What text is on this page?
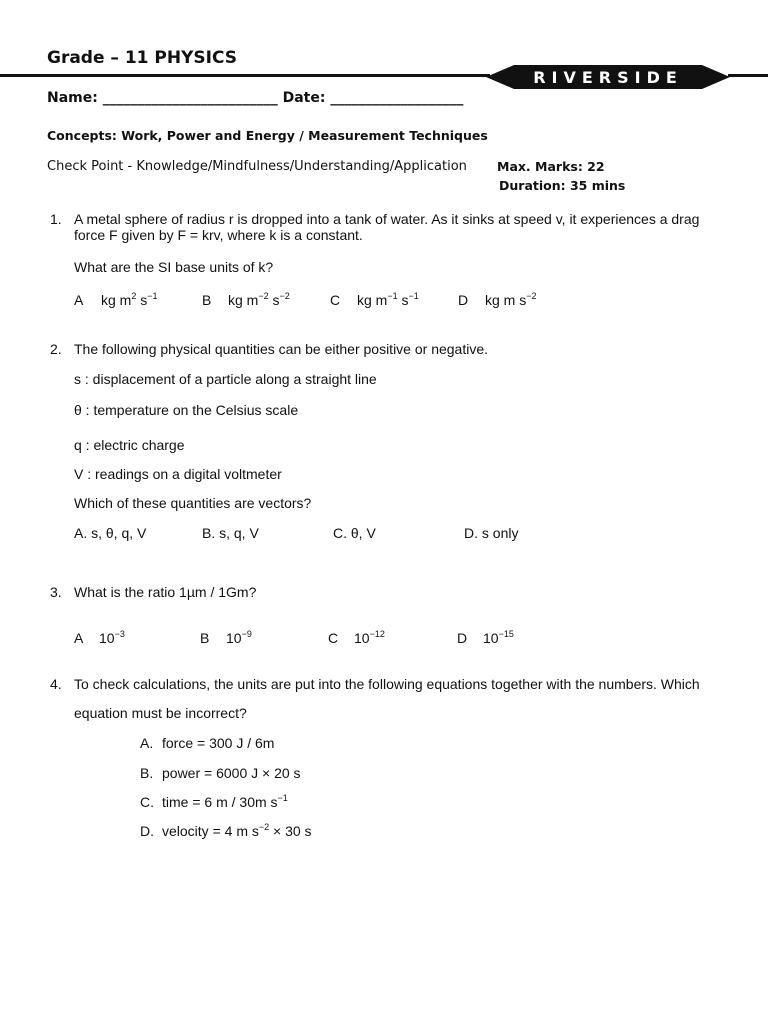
Grade – 11 PHYSICS
RIVERSIDE
Name: _________________________ Date: ___________________
Concepts: Work, Power and Energy / Measurement Techniques
Check Point - Knowledge/Mindfulness/Understanding/Application Max. Marks: 22
Duration: 35 mins
1. A metal sphere of radius r is dropped into a tank of water. As it sinks at speed v, it experiences a drag
force F given by F = krv, where k is a constant.
What are the SI base units of k?
A kg $m^2$ $s^{-1}$	B kg $m^{-2}$ $s^{-2}$	C kg $m^{-1}$ $s^{-1}$	D kg m $s^{-2}$
2. The following physical quantities can be either positive or negative.
s : displacement of a particle along a straight line
θ : temperature on the Celsius scale
q : electric charge
V : readings on a digital voltmeter
Which of these quantities are vectors?
A. s, θ, q, V	B. s, q, V	C. θ, V	D. s only
3. What is the ratio 1µm / 1Gm?
A $10^{-3}$	B $10^{-9}$	C $10^{-12}$	D $10^{-15}$
4. To check calculations, the units are put into the following equations together with the numbers. Which
equation must be incorrect?
A. force = 300 J / 6m
B. power = 6000 J × 20 s
C. time = 6 m / 30m $s^{-1}$
D. velocity = 4 m $s^{-2} \times 30$ s
